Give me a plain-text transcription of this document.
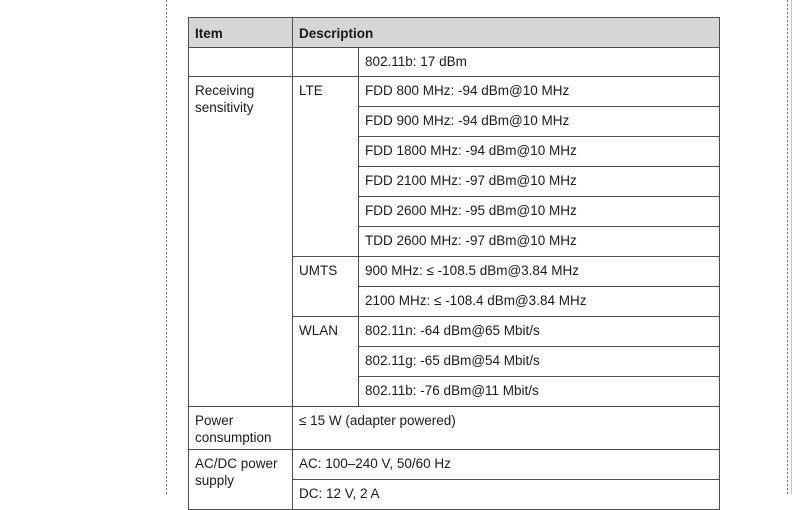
Item	Description	
		802.11b: 17 dBm

Receiving
sensitivity	LTE	FDD 800 MHz: -94 dBm@10 MHz
		FDD 900 MHz: -94 dBm@10 MHz
		FDD 1800 MHz: -94 dBm@10 MHz
		FDD 2100 MHz: -97 dBm@10 MHz
		FDD 2600 MHz: -95 dBm@10 MHz
		TDD 2600 MHz: -97 dBm@10 MHz
	UMTS	900 MHz: ≤ -108.5 dBm@3.84 MHz
		2100 MHz: ≤ -108.4 dBm@3.84 MHz
	WLAN	802.11n: -64 dBm@65 Mbit/s
		802.11g: -65 dBm@54 Mbit/s
		802.11b: -76 dBm@11 Mbit/s

Power
consumption	≤ 15 W (adapter powered)	

AC/DC power
supply	AC: 100–240 V, 50/60 Hz	
	DC: 12 V, 2 A	
